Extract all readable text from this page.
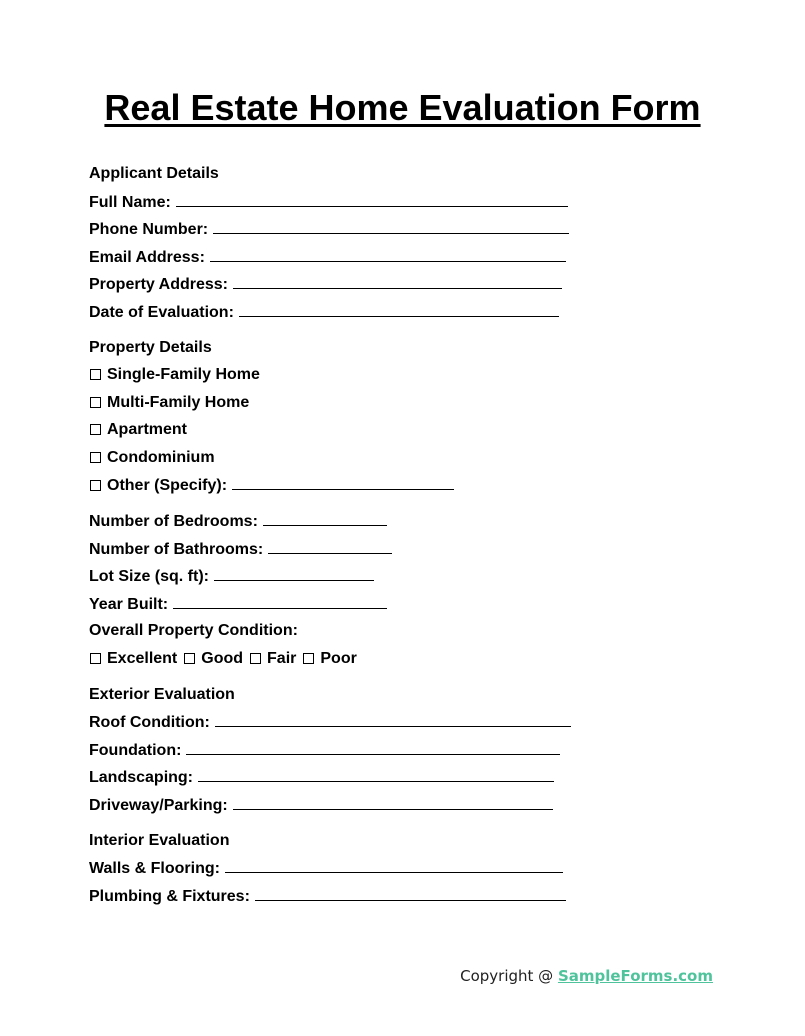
Real Estate Home Evaluation Form
Applicant Details
Full Name:
Phone Number:
Email Address:
Property Address:
Date of Evaluation:
Property Details
Single-Family Home
Multi-Family Home
Apartment
Condominium
Other (Specify):
Number of Bedrooms:
Number of Bathrooms:
Lot Size (sq. ft):
Year Built:
Overall Property Condition:
Excellent Good Fair Poor
Exterior Evaluation
Roof Condition:
Foundation:
Landscaping:
Driveway/Parking:
Interior Evaluation
Walls & Flooring:
Plumbing & Fixtures:
Copyright @ SampleForms.com
